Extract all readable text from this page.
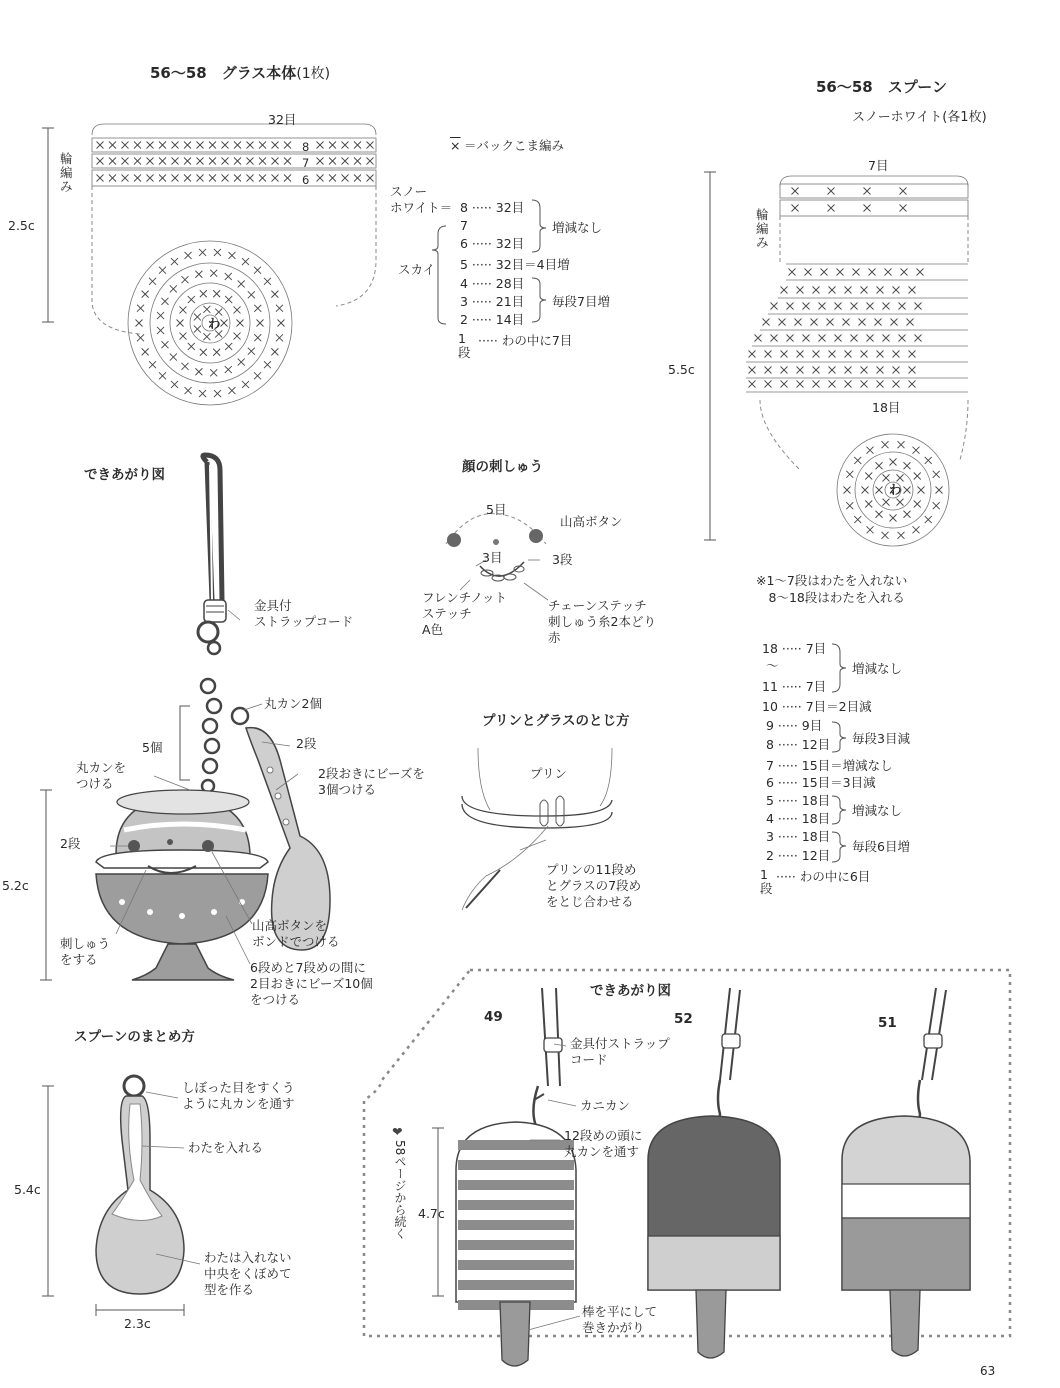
56〜58　グラス本体(1枚)
32目
輪
編
み
2.5c
わ
8
7
6
× ＝バックこま編み
スノー
ホワイト＝
スカイ
8 ····· 32目
7
6 ····· 32目
5 ····· 32目＝4目増
4 ····· 28目
3 ····· 21目
2 ····· 14目
1
段
····· わの中に7目
増減なし
毎段7目増
56〜58　スプーン
スノーホワイト(各1枚)
7目
輪
編
み
5.5c
18目
わ
※1〜7段はわたを入れない
　8〜18段はわたを入れる
18 ····· 7目
〜
11 ····· 7目
10 ····· 7目＝2目減
9 ····· 9目
8 ····· 12目
7 ····· 15目＝増減なし
6 ····· 15目＝3目減
5 ····· 18目
4 ····· 18目
3 ····· 18目
2 ····· 12目
1
段
····· わの中に6目
増減なし
毎段3目減
増減なし
毎段6目増
できあがり図
金具付
ストラップコード
丸カン2個
2段
5個
丸カンを
つける
2段おきにビーズを
3個つける
2段
5.2c
刺しゅう
をする
山高ボタンを
ボンドでつける
6段めと7段めの間に
2目おきにビーズ10個
をつける
顔の刺しゅう
5目
山高ボタン
3目	3段
フレンチノット
ステッチ
A色
チェーンステッチ
刺しゅう糸2本どり
赤
プリンとグラスのとじ方
プリン
プリンの11段め
とグラスの7段め
をとじ合わせる
スプーンのまとめ方
しぼった目をすくう
ように丸カンを通す
わたを入れる
わたは入れない
中央をくぼめて
型を作る
5.4c
2.3c
できあがり図
49	52	51
金具付ストラップ
コード
カニカン
12段めの頭に
丸カンを通す
4.7c
棒を平にして
巻きかがり
❤
58ページから続く
63
